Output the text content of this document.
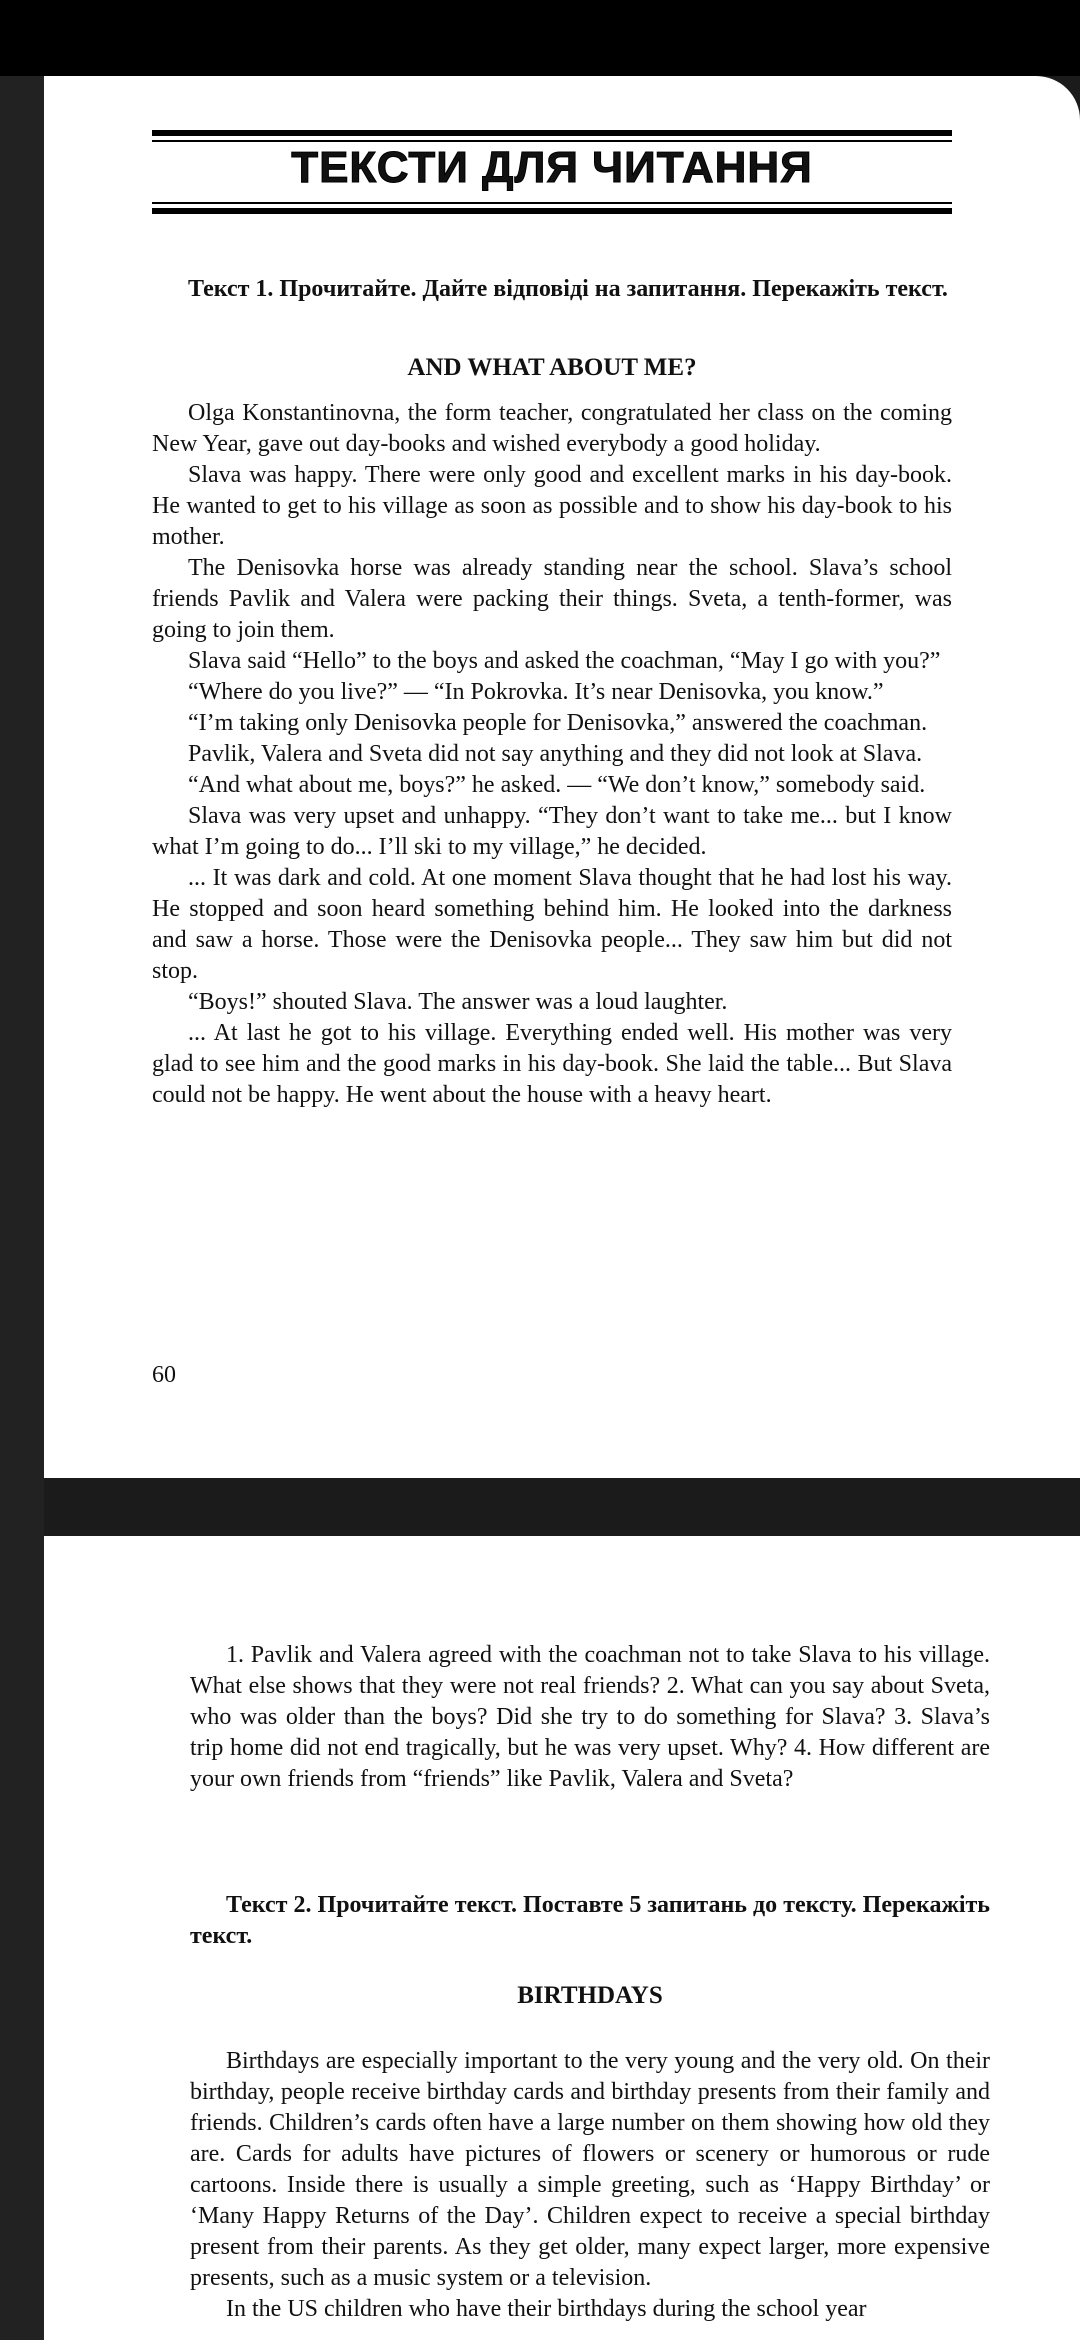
ТЕКСТИ ДЛЯ ЧИТАННЯ
Текст 1. Прочитайте. Дайте відповіді на запитання. Перекажіть текст.
AND WHAT ABOUT ME?

Olga Konstantinovna, the form teacher, congratulated her class on the coming New Year, gave out day-books and wished everybody a good holiday.

Slava was happy. There were only good and excellent marks in his day-book. He wanted to get to his village as soon as possible and to show his day-book to his mother.

The Denisovka horse was already standing near the school. Slava’s school friends Pavlik and Valera were packing their things. Sveta, a tenth-former, was going to join them.

Slava said “Hello” to the boys and asked the coachman, “May I go with you?”

“Where do you live?” — “In Pokrovka. It’s near Denisovka, you know.”

“I’m taking only Denisovka people for Denisovka,” answered the coachman.

Pavlik, Valera and Sveta did not say anything and they did not look at Slava.

“And what about me, boys?” he asked. — “We don’t know,” somebody said.

Slava was very upset and unhappy. “They don’t want to take me... but I know what I’m going to do... I’ll ski to my village,” he decided.

... It was dark and cold. At one moment Slava thought that he had lost his way. He stopped and soon heard something behind him. He looked into the darkness and saw a horse. Those were the Denisovka people... They saw him but did not stop.

“Boys!” shouted Slava. The answer was a loud laughter.

... At last he got to his village. Everything ended well. His mother was very glad to see him and the good marks in his day-book. She laid the table... But Slava could not be happy. He went about the house with a heavy heart.

60

1. Pavlik and Valera agreed with the coachman not to take Slava to his village. What else shows that they were not real friends? 2. What can you say about Sveta, who was older than the boys? Did she try to do something for Slava? 3. Slava’s trip home did not end tragically, but he was very upset. Why? 4. How different are your own friends from “friends” like Pavlik, Valera and Sveta?

Текст 2. Прочитайте текст. Поставте 5 запитань до тексту. Перекажіть текст.
BIRTHDAYS

Birthdays are especially important to the very young and the very old. On their birthday, people receive birthday cards and birthday presents from their family and friends. Children’s cards often have a large number on them showing how old they are. Cards for adults have pictures of flowers or scenery or humorous or rude cartoons. Inside there is usually a simple greeting, such as ‘Happy Birthday’ or ‘Many Happy Returns of the Day’. Children expect to receive a special birthday present from their parents. As they get older, many expect larger, more expensive presents, such as a music system or a television.

In the US children who have their birthdays during the school year
